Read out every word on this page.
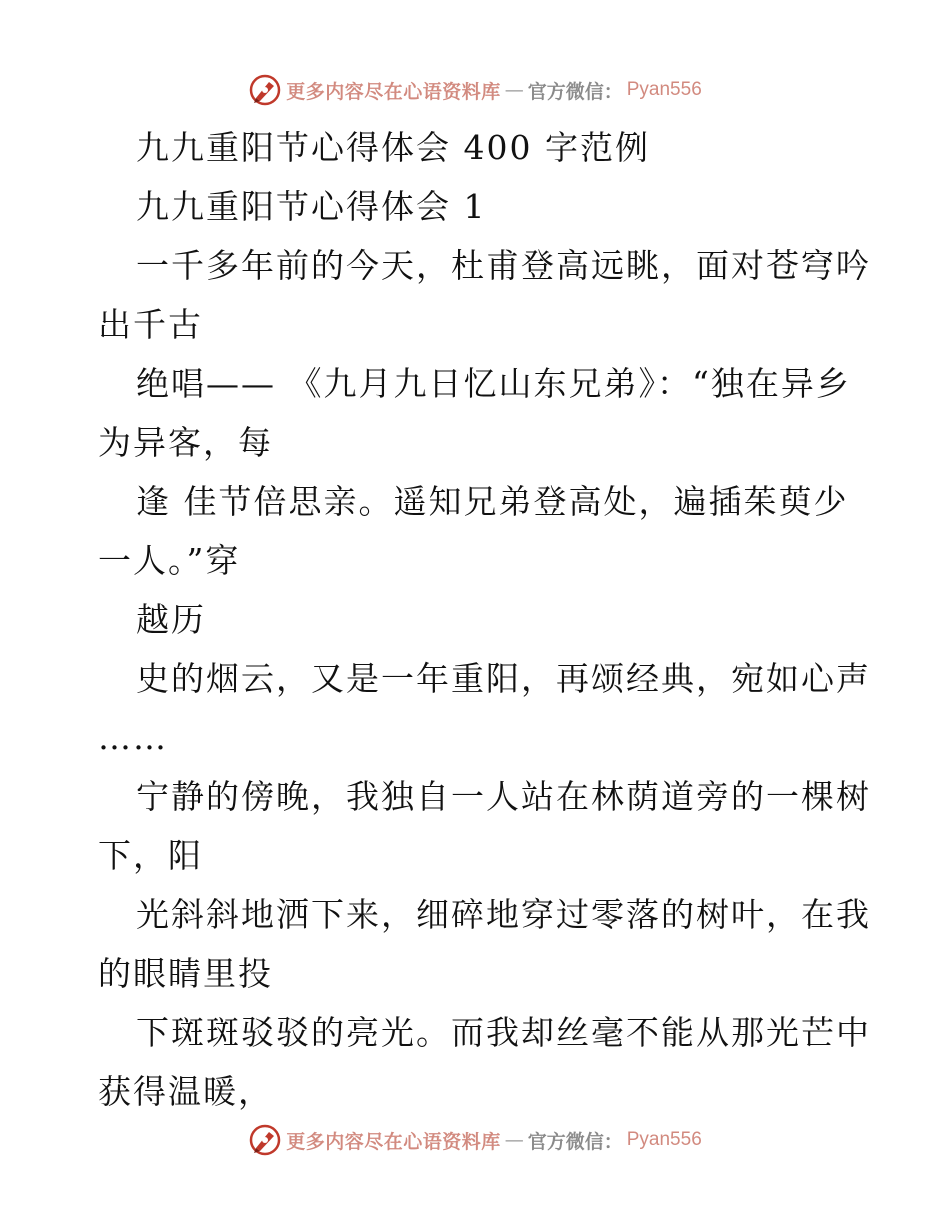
更多内容尽在心语资料库 — 官方微信： Pyan556
九九重阳节心得体会 400 字范例
九九重阳节心得体会 1
一千多年前的今天，杜甫登高远眺，面对苍穹吟
出千古
绝唱—— 《九月九日忆山东兄弟》：“独在异乡
为异客，每
逢 佳节倍思亲。遥知兄弟登高处，遍插茱萸少
一人。”穿
越历
史的烟云，又是一年重阳，再颂经典，宛如心声
……
宁静的傍晚，我独自一人站在林荫道旁的一棵树
下，阳
光斜斜地洒下来，细碎地穿过零落的树叶，在我
的眼睛里投
下斑斑驳驳的亮光。而我却丝毫不能从那光芒中
获得温暖，
更多内容尽在心语资料库 — 官方微信： Pyan556
